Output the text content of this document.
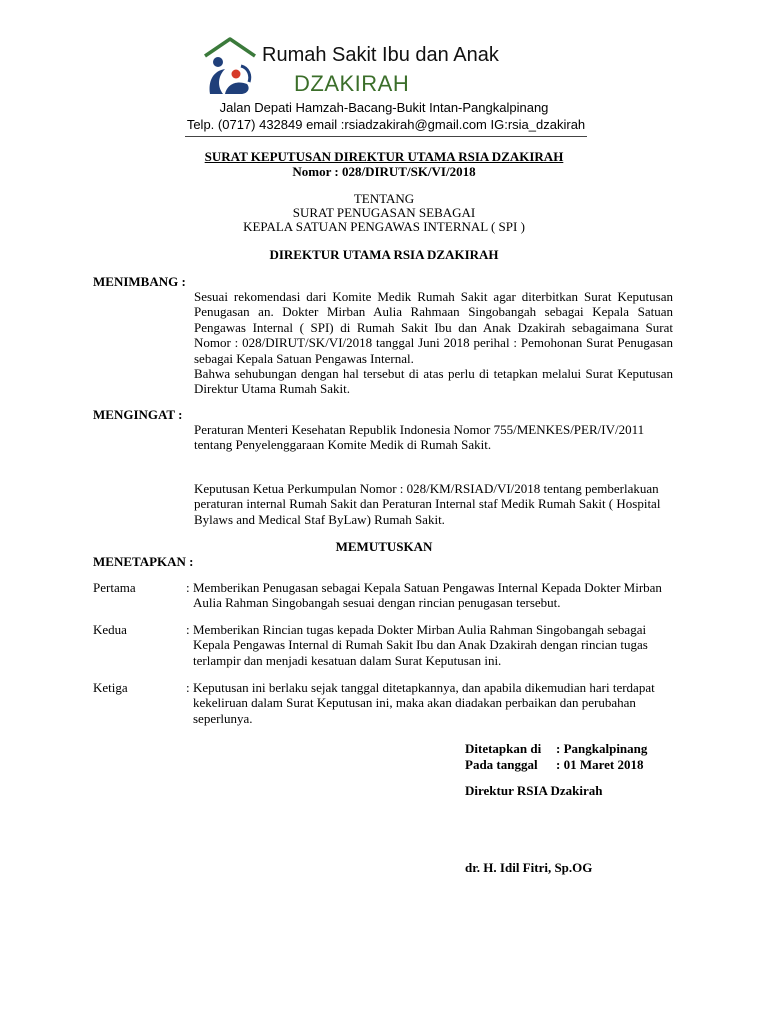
Rumah Sakit Ibu dan Anak
DZAKIRAH
Jalan Depati Hamzah-Bacang-Bukit Intan-Pangkalpinang
Telp. (0717) 432849 email :rsiadzakirah@gmail.com IG:rsia_dzakirah
SURAT KEPUTUSAN DIREKTUR UTAMA RSIA DZAKIRAH
Nomor : 028/DIRUT/SK/VI/2018
TENTANG
SURAT PENUGASAN SEBAGAI
KEPALA SATUAN PENGAWAS INTERNAL ( SPI )
DIREKTUR UTAMA RSIA DZAKIRAH
MENIMBANG :
Sesuai rekomendasi dari Komite Medik Rumah Sakit agar diterbitkan Surat Keputusan Penugasan an. Dokter Mirban Aulia Rahmaan Singobangah sebagai Kepala Satuan Pengawas Internal ( SPI) di Rumah Sakit Ibu dan Anak Dzakirah sebagaimana Surat Nomor : 028/DIRUT/SK/VI/2018 tanggal Juni 2018 perihal : Pemohonan Surat Penugasan sebagai Kepala Satuan Pengawas Internal.
Bahwa sehubungan dengan hal tersebut di atas perlu di tetapkan melalui Surat Keputusan Direktur Utama Rumah Sakit.
MENGINGAT :
Peraturan Menteri Kesehatan Republik Indonesia Nomor 755/MENKES/PER/IV/2011 tentang Penyelenggaraan Komite Medik di Rumah Sakit.
Keputusan Ketua Perkumpulan Nomor : 028/KM/RSIAD/VI/2018 tentang pemberlakuan peraturan internal Rumah Sakit dan Peraturan Internal staf Medik Rumah Sakit ( Hospital Bylaws and Medical Staf ByLaw) Rumah Sakit.
MEMUTUSKAN
MENETAPKAN :
Pertama	: Memberikan Penugasan sebagai Kepala Satuan Pengawas Internal Kepada Dokter Mirban Aulia Rahman Singobangah sesuai dengan rincian penugasan tersebut.
Kedua	: Memberikan Rincian tugas kepada Dokter Mirban Aulia Rahman Singobangah sebagai Kepala Pengawas Internal di Rumah Sakit Ibu dan Anak Dzakirah dengan rincian tugas terlampir dan menjadi kesatuan dalam Surat Keputusan ini.
Ketiga	: Keputusan ini berlaku sejak tanggal ditetapkannya, dan apabila dikemudian hari terdapat kekeliruan dalam Surat Keputusan ini, maka akan diadakan perbaikan dan perubahan seperlunya.
Ditetapkan di : Pangkalpinang
Pada tanggal : 01 Maret 2018
Direktur RSIA Dzakirah
dr. H. Idil Fitri, Sp.OG
